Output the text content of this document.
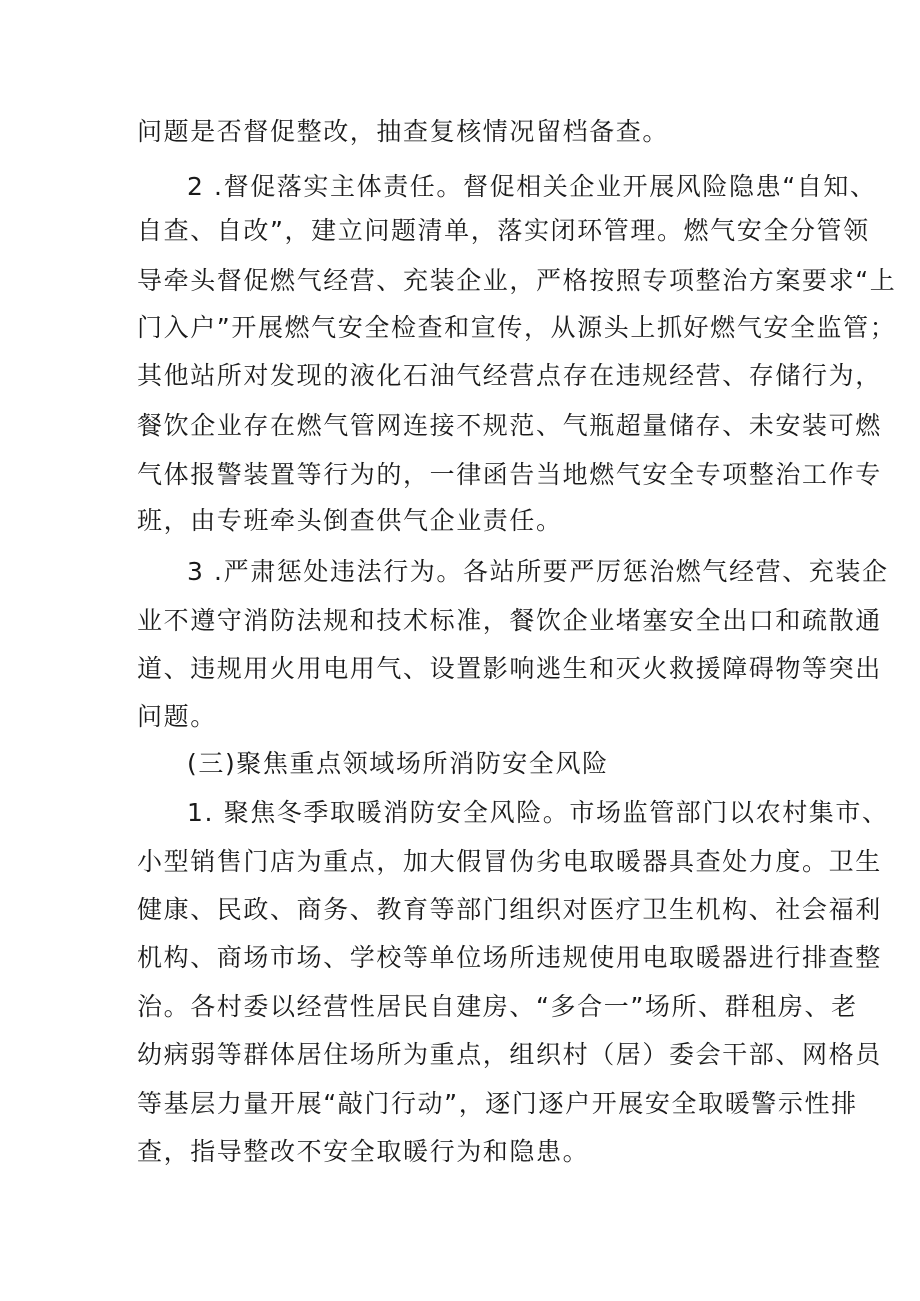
问题是否督促整改，抽查复核情况留档备查。
2 .督促落实主体责任。督促相关企业开展风险隐患“自知、
自查、自改”，建立问题清单，落实闭环管理。燃气安全分管领
导牵头督促燃气经营、充装企业，严格按照专项整治方案要求“上
门入户”开展燃气安全检查和宣传，从源头上抓好燃气安全监管；
其他站所对发现的液化石油气经营点存在违规经营、存储行为，
餐饮企业存在燃气管网连接不规范、气瓶超量储存、未安装可燃
气体报警装置等行为的，一律函告当地燃气安全专项整治工作专
班，由专班牵头倒查供气企业责任。
3 .严肃惩处违法行为。各站所要严厉惩治燃气经营、充装企
业不遵守消防法规和技术标准，餐饮企业堵塞安全出口和疏散通
道、违规用火用电用气、设置影响逃生和灭火救援障碍物等突出
问题。
(三)聚焦重点领域场所消防安全风险
1. 聚焦冬季取暖消防安全风险。市场监管部门以农村集市、
小型销售门店为重点，加大假冒伪劣电取暖器具查处力度。卫生
健康、民政、商务、教育等部门组织对医疗卫生机构、社会福利
机构、商场市场、学校等单位场所违规使用电取暖器进行排查整
治。各村委以经营性居民自建房、“多合一”场所、群租房、老
幼病弱等群体居住场所为重点，组织村（居）委会干部、网格员
等基层力量开展“敲门行动”，逐门逐户开展安全取暖警示性排
查，指导整改不安全取暖行为和隐患。
